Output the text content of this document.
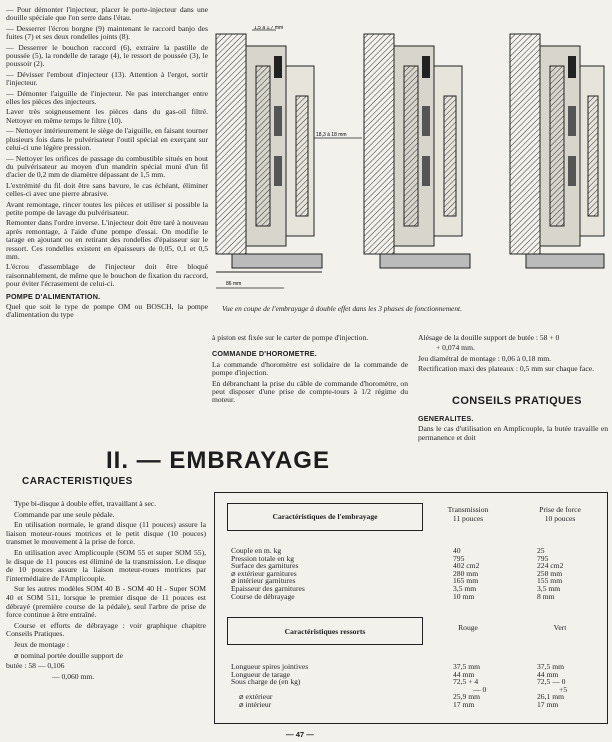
— Pour démonter l'injecteur, placer le porte-injecteur dans une douille spéciale que l'on serre dans l'étau.

— Desserrer l'écrou borgne (9) maintenant le raccord banjo des fuites (7) et ses deux rondelles joints (8).

— Desserrer le bouchon raccord (6), extraire la pastille de poussée (5), la rondelle de tarage (4), le ressort de poussée (3), le poussoir (2).

— Dévisser l'embout d'injecteur (13). Attention à l'ergot, sortir l'injecteur.

— Démonter l'aiguille de l'injecteur. Ne pas interchanger entre elles les pièces des injecteurs.

Laver très soigneusement les pièces dans du gas-oil filtré. Nettoyer en même temps le filtre (10).

— Nettoyer intérieurement le siège de l'aiguille, en faisant tourner plusieurs fois dans le pulvérisateur l'outil spécial en exerçant sur celui-ci une légère pression.

— Nettoyer les orifices de passage du combustible situés en bout du pulvérisateur au moyen d'un mandrin spécial muni d'un fil d'acier de 0,2 mm de diamètre dépassant de 1,5 mm.

L'extrémité du fil doit être sans bavure, le cas échéant, éliminer celles-ci avec une pierre abrasive.

Avant remontage, rincer toutes les pièces et utiliser si possible la petite pompe de lavage du pulvérisateur.

Remonter dans l'ordre inverse. L'injecteur doit être taré à nouveau après remontage, à l'aide d'une pompe d'essai. On modifie le tarage en ajoutant ou en retirant des rondelles d'épaisseur sur le ressort. Ces rondelles existent en épaisseurs de 0,05, 0,1 et 0,5 mm.

L'écrou d'assemblage de l'injecteur doit être bloqué raisonnablement, de même que le bouchon de fixation du raccord, pour éviter l'écrasement de celui-ci.

POMPE D'ALIMENTATION.

Quel que soit le type de pompe OM ou BOSCH, la pompe d'alimentation du type

1,5 à 1,7 mm
18,3 à 18 mm
86 mm
Vue en coupe de l'embrayage à double effet dans les 3 phases de fonctionnement.

à piston est fixée sur le carter de pompe d'injection.

COMMANDE D'HOROMETRE.

La commande d'horomètre est solidaire de la commande de pompe d'injection.

En débranchant la prise du câble de commande d'horomètre, on peut disposer d'une prise de compte-tours à 1/2 régime du moteur.

Alésage de la douille support de butée : 58 + 0

+ 0,074 mm.

Jeu diamétral de montage : 0,06 à 0,18 mm.

Rectification maxi des plateaux : 0,5 mm sur chaque face.

CONSEILS PRATIQUES
GENERALITES.

Dans le cas d'utilisation en Amplicouple, la butée travaille en permanence et doit

II. — EMBRAYAGE
CARACTERISTIQUES

Type bi-disque à double effet, travaillant à sec.

Commande par une seule pédale.

En utilisation normale, le grand disque (11 pouces) assure la liaison moteur-roues motrices et le petit disque (10 pouces) transmet le mouvement à la prise de force.

En utilisation avec Amplicouple (SOM 55 et super SOM 55), le disque de 11 pouces est éliminé de la transmission. Le disque de 10 pouces assure la liaison moteur-roues motrices par l'intermédiaire de l'Amplicouple.

Sur les autres modèles SOM 40 B - SOM 40 H - Super SOM 40 et SOM 511, lorsque le premier disque de 11 pouces est débrayé (première course de la pédale), seul l'arbre de prise de force continue à être entraîné.

Course et efforts de débrayage : voir graphique chapitre Conseils Pratiques.

Jeux de montage :

⌀ nominal portée douille support de

butée : 58 — 0,106

— 0,060 mm.

Caractéristiques de l'embrayage
Transmission
11 pouces
Prise de force
10 pouces
Couple en m. kg
Pression totale en kg
Surface des garnitures
⌀ extérieur garnitures
⌀ intérieur garnitures
Epaisseur des garnitures
Course de débrayage
40
795
402 cm2
280 mm
165 mm
3,5 mm
10 mm
25
795
224 cm2
250 mm
155 mm
3,5 mm
8 mm
Caractéristiques ressorts	Rouge	Vert
Longueur spires jointives
Longueur de tarage
Sous charge de (en kg)
⌀ extérieur
⌀ intérieur
37,5 mm
44 mm
72,5 + 4
— 0
25,9 mm
17 mm
37,5 mm
44 mm
72,5 — 0
+5
26,1 mm
17 mm
— 47 —
